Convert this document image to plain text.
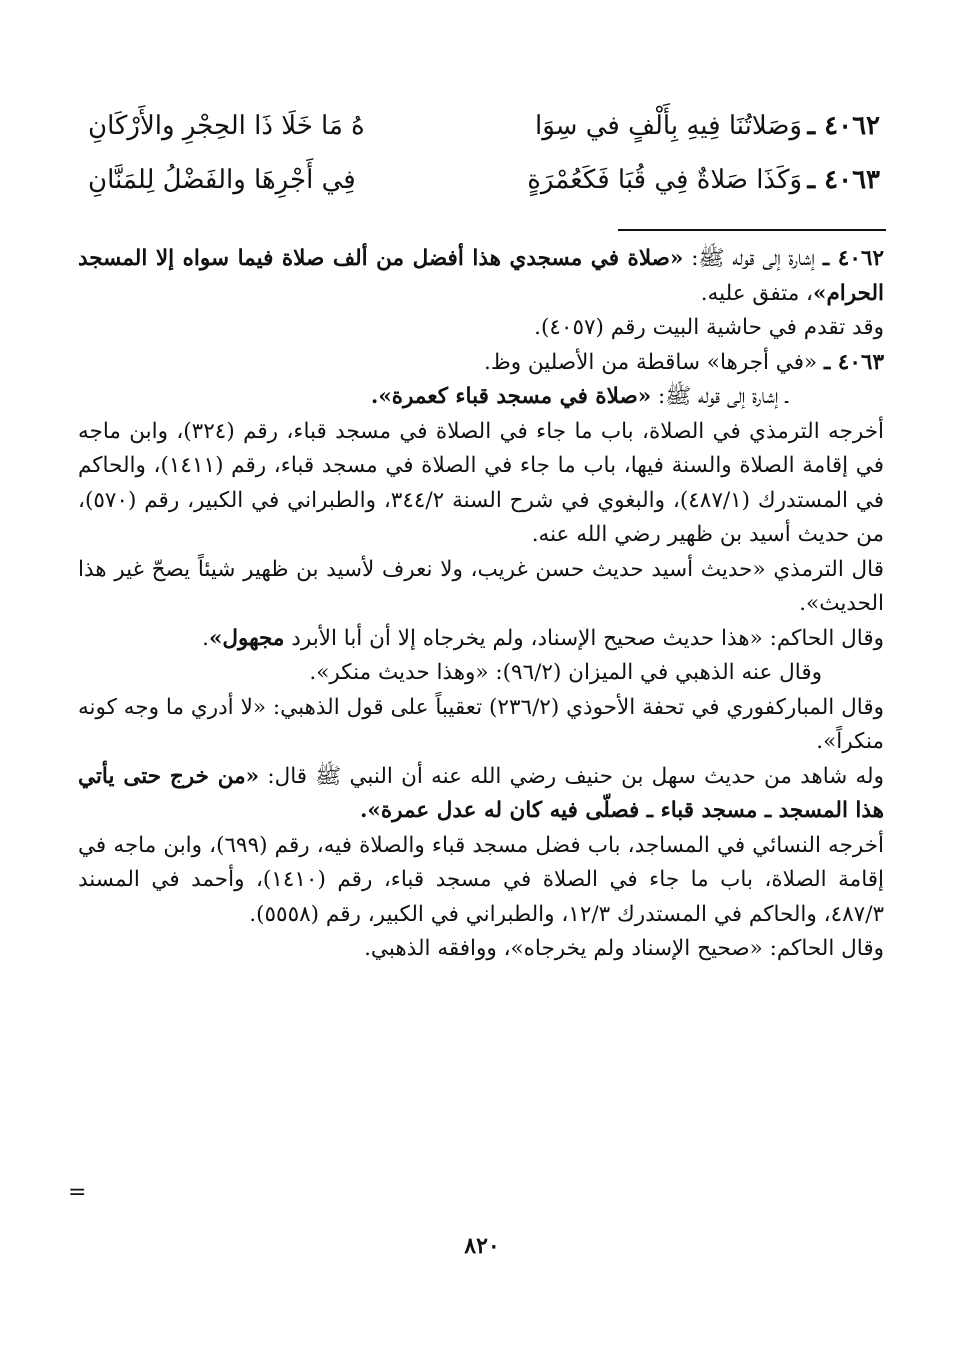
٤٠٦٢ ـ
وَصَلاتُنَا فِيهِ بِأَلْفٍ في سِوَا
هُ مَا خَلَا ذَا الحِجْرِ والأَرْكَانِ
٤٠٦٣ ـ
وَكَذَا صَلاةٌ فِي قُبَا فَكَعُمْرَةٍ
فِي أَجْرِهَا والفَضْلُ لِلمَنَّانِ

٤٠٦٢ ـ إشارة إلى قوله ﷺ: «صلاة في مسجدي هذا أفضل من ألف صلاة فيما سواه إلا المسجد الحرام»، متفق عليه.

وقد تقدم في حاشية البيت رقم (٤٠٥٧).

٤٠٦٣ ـ «في أجرها» ساقطة من الأصلين وظ.

ـ إشارة إلى قوله ﷺ: «صلاة في مسجد قباء كعمرة».

أخرجه الترمذي في الصلاة، باب ما جاء في الصلاة في مسجد قباء، رقم (٣٢٤)، وابن ماجه في إقامة الصلاة والسنة فيها، باب ما جاء في الصلاة في مسجد قباء، رقم (١٤١١)، والحاكم في المستدرك (٤٨٧/١)، والبغوي في شرح السنة ٣٤٤/٢، والطبراني في الكبير، رقم (٥٧٠)، من حديث أسيد بن ظهير رضي الله عنه.

قال الترمذي «حديث أسيد حديث حسن غريب، ولا نعرف لأسيد بن ظهير شيئاً يصحّ غير هذا الحديث».

وقال الحاكم: «هذا حديث صحيح الإسناد، ولم يخرجاه إلا أن أبا الأبرد مجهول».

وقال عنه الذهبي في الميزان (٩٦/٢): «وهذا حديث منكر».

وقال المباركفوري في تحفة الأحوذي (٢٣٦/٢) تعقيباً على قول الذهبي: «لا أدري ما وجه كونه منكراً».

وله شاهد من حديث سهل بن حنيف رضي الله عنه أن النبي ﷺ قال: «من خرج حتى يأتي هذا المسجد ـ مسجد قباء ـ فصلّى فيه كان له عدل عمرة».

أخرجه النسائي في المساجد، باب فضل مسجد قباء والصلاة فيه، رقم (٦٩٩)، وابن ماجه في إقامة الصلاة، باب ما جاء في الصلاة في مسجد قباء، رقم (١٤١٠)، وأحمد في المسند ٤٨٧/٣، والحاكم في المستدرك ١٢/٣، والطبراني في الكبير، رقم (٥٥٥٨).

وقال الحاكم: «صحيح الإسناد ولم يخرجاه»، ووافقه الذهبي.

=
٨٢٠
